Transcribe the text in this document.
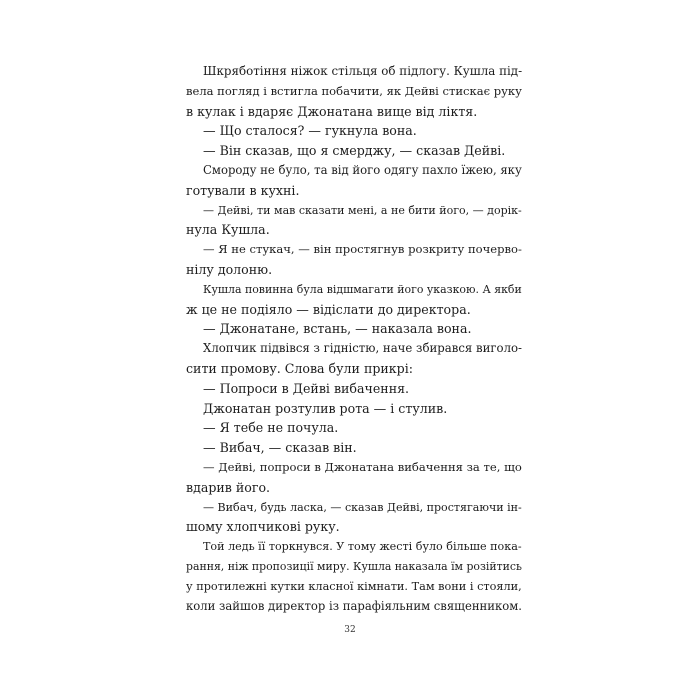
Шкряботіння ніжок стільця об підлогу. Кушла під-
вела погляд і встигла побачити, як Дейві стискає руку
в кулак і вдаряє Джонатана вище від ліктя.
— Що сталося? — гукнула вона.
— Він сказав, що я смерджу, — сказав Дейві.
Смороду не було, та від його одягу пахло їжею, яку
готували в кухні.
— Дейві, ти мав сказати мені, а не бити його, — дорік-
нула Кушла.
— Я не стукач, — він простягнув розкриту почервo-
нілу долоню.
Кушла повинна була відшмагати його указкою. А якби
ж це не подіяло — відіслати до директора.
— Джонатане, встань, — наказала вона.
Хлопчик підвівся з гідністю, наче збирався виголо-
сити промову. Слова були прикрі:
— Попроси в Дейві вибачення.
Джонатан розтулив рота — і стулив.
— Я тебе не почула.
— Вибач, — сказав він.
— Дейві, попроси в Джонатана вибачення за те, що
вдарив його.
— Вибач, будь ласка, — сказав Дейві, простягаючи ін-
шому хлопчикові руку.
Той ледь її торкнувся. У тому жесті було більше покa-
рання, ніж пропозиції миру. Кушла наказала їм розійтись
у протилежні кутки класної кімнати. Там вони і стояли,
коли зайшов директор із парафіяльним священником.
32
